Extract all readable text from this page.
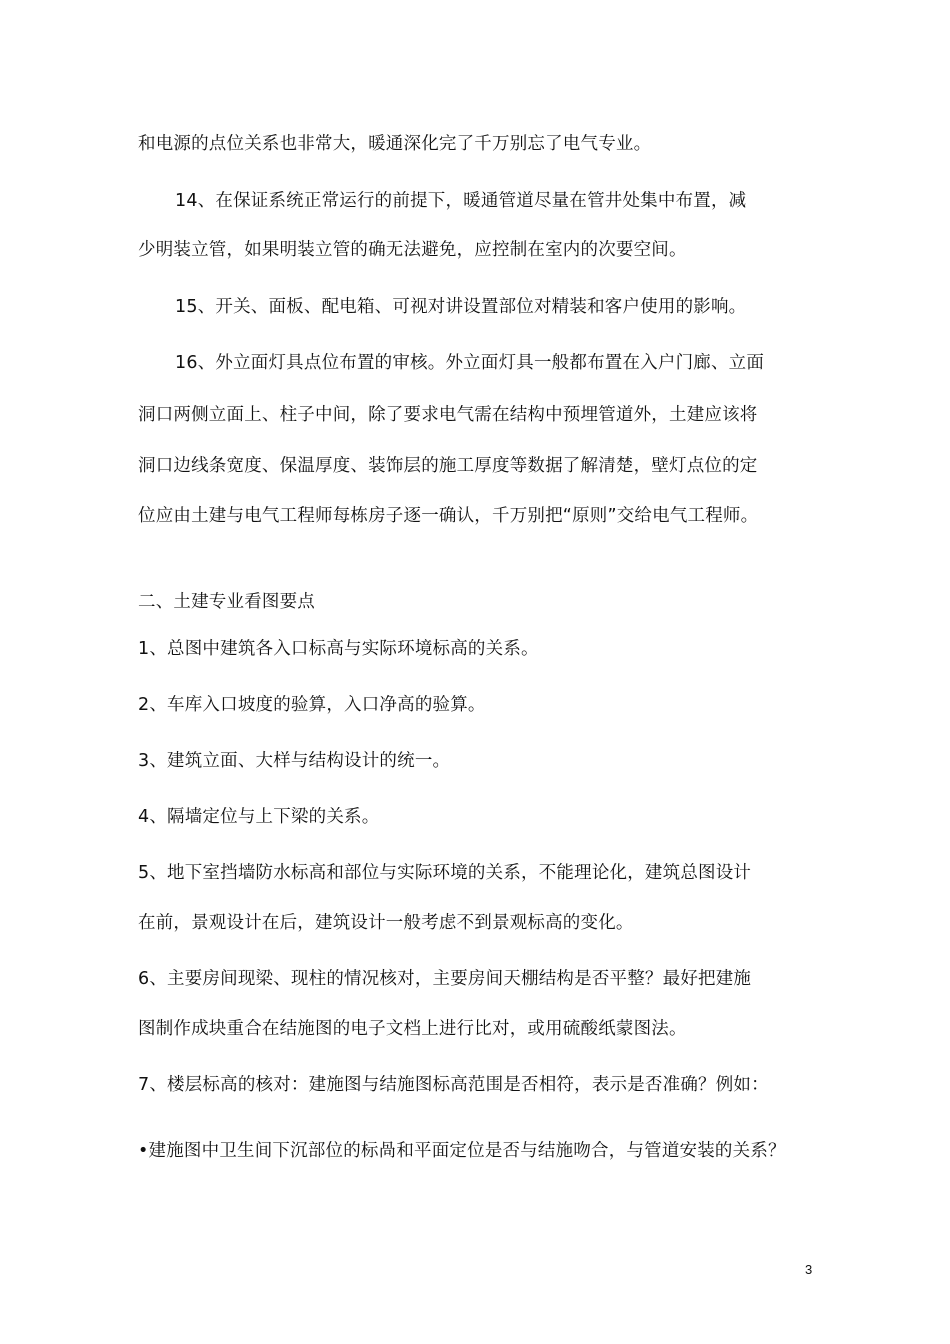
和电源的点位关系也非常大，暖通深化完了千万别忘了电气专业。
14、在保证系统正常运行的前提下，暖通管道尽量在管井处集中布置，减
少明装立管，如果明装立管的确无法避免，应控制在室内的次要空间。
15、开关、面板、配电箱、可视对讲设置部位对精装和客户使用的影响。
16、外立面灯具点位布置的审核。外立面灯具一般都布置在入户门廊、立面
洞口两侧立面上、柱子中间，除了要求电气需在结构中预埋管道外，土建应该将
洞口边线条宽度、保温厚度、装饰层的施工厚度等数据了解清楚，壁灯点位的定
位应由土建与电气工程师每栋房子逐一确认，千万别把“原则”交给电气工程师。
二、土建专业看图要点
1、总图中建筑各入口标高与实际环境标高的关系。
2、车库入口坡度的验算，入口净高的验算。
3、建筑立面、大样与结构设计的统一。
4、隔墙定位与上下梁的关系。
5、地下室挡墙防水标高和部位与实际环境的关系，不能理论化，建筑总图设计
在前，景观设计在后，建筑设计一般考虑不到景观标高的变化。
6、主要房间现梁、现柱的情况核对，主要房间天棚结构是否平整？最好把建施
图制作成块重合在结施图的电子文档上进行比对，或用硫酸纸蒙图法。
7、楼层标高的核对：建施图与结施图标高范围是否相符，表示是否准确？例如：
•建施图中卫生间下沉部位的标咼和平面定位是否与结施吻合，与管道安装的关系？
3
